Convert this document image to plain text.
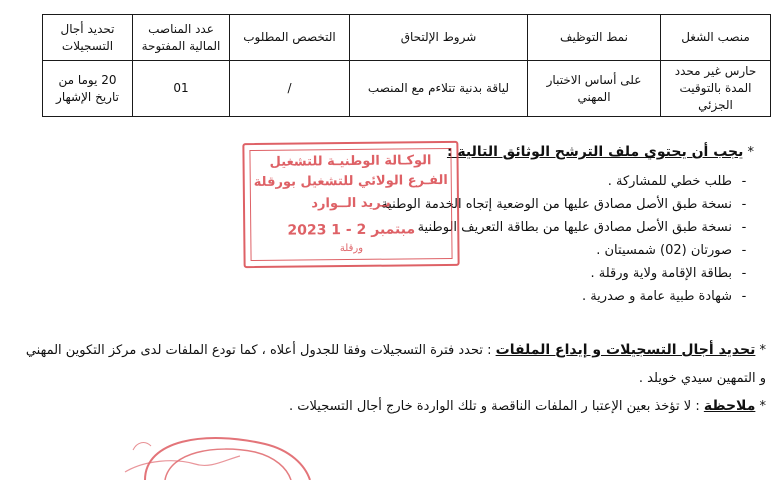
منصب الشغل	نمط التوظيف	شروط الإلتحاق	التخصص المطلوب	عدد المناصب المالية المفتوحة	تحديد أجال التسجيلات
حارس غير محدد المدة بالتوقيت الجزئي	على أساس الاختبار المهني	لياقة بدنية تتلاءم مع المنصب	/	01	20 يوما من تاريخ الإشهار
* يجب أن يحتوي ملف الترشح الوثائق التالية :
-
طلب خطي للمشاركة .
-
نسخة طبق الأصل مصادق عليها من الوضعية إتجاه الخدمة الوطنية
-
نسخة طبق الأصل مصادق عليها من بطاقة التعريف الوطنية
-
صورتان (02) شمسيتان .
-
بطاقة الإقامة ولاية ورقلة .
-
شهادة طبية عامة و صدرية .
* تحديد أجال التسجيلات و إيداع الملفات : تحدد فترة التسجيلات وفقا للجدول أعلاه ، كما تودع الملفات لدى مركز التكوين المهني
و التمهين سيدي خويلد .
* ملاحظة : لا تؤخذ بعين الإعتبا ر الملفات الناقصة و تلك الواردة خارج أجال التسجيلات .
الوكـالة الوطنيـة للتشغيل
الفـرع الولائي للتشغيل بورقلة
بـريد الــوارد
2023 مبتمبر 2 - 1
ورقلة
